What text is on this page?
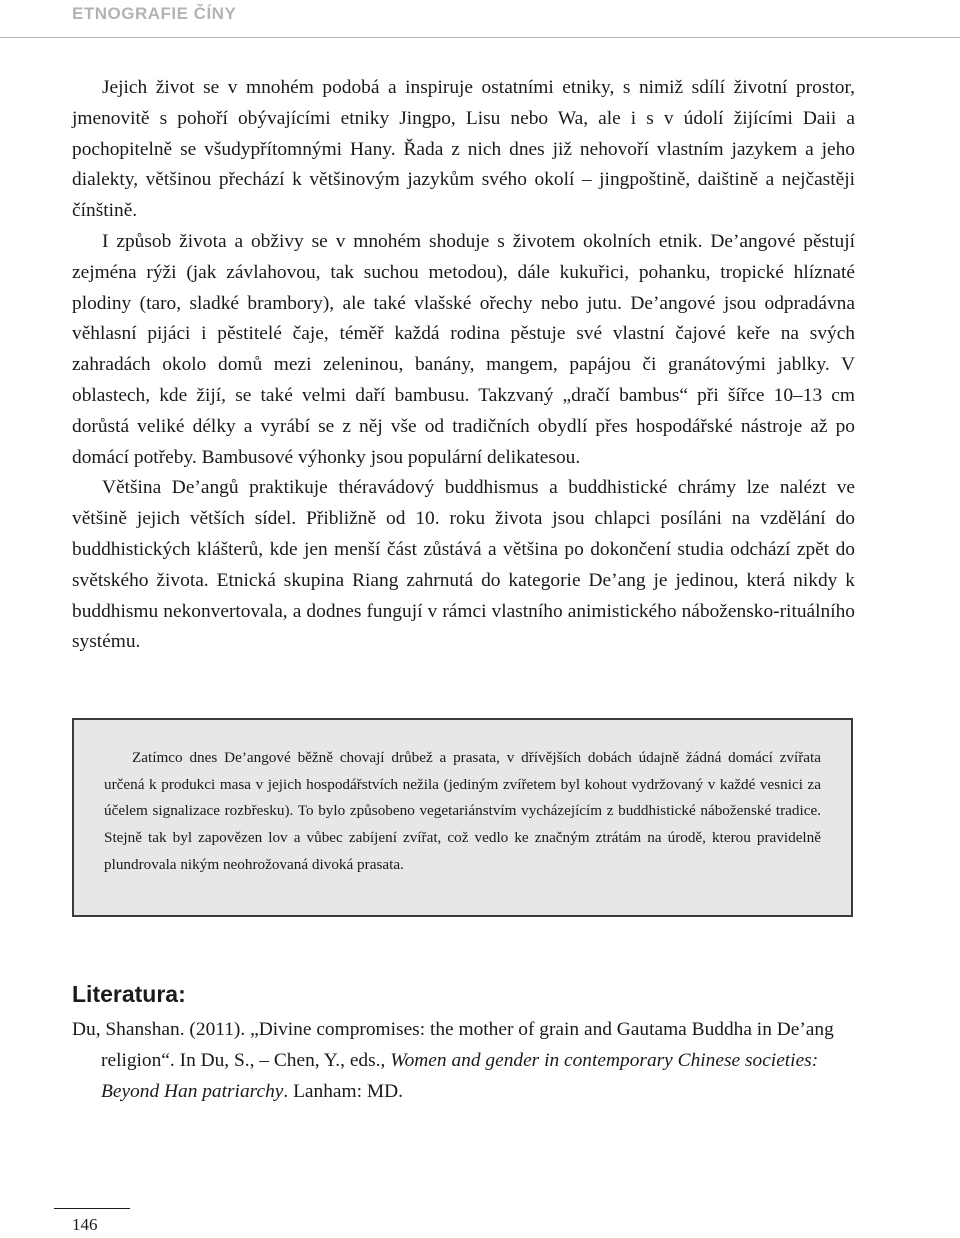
ETNOGRAFIE ČÍNY

Jejich život se v mnohém podobá a inspiruje ostatními etniky, s nimiž sdílí životní prostor, jmenovitě s pohoří obývajícími etniky Jingpo, Lisu nebo Wa, ale i s v údolí žijícími Daii a pochopitelně se všudypřítomnými Hany. Řada z nich dnes již nehovoří vlastním jazykem a jeho dialekty, většinou přechází k většinovým jazykům svého okolí – jingpoštině, daištině a nejčastěji čínštině.

I způsob života a obživy se v mnohém shoduje s životem okolních etnik. De’angové pěstují zejména rýži (jak závlahovou, tak suchou metodou), dále kukuřici, pohanku, tropické hlíznaté plodiny (taro, sladké brambory), ale také vlašské ořechy nebo jutu. De’angové jsou odpradávna věhlasní pijáci i pěstitelé čaje, téměř každá rodina pěstuje své vlastní čajové keře na svých zahradách okolo domů mezi zeleninou, banány, mangem, papájou či granátovými jablky. V oblastech, kde žijí, se také velmi daří bambusu. Takzvaný „dračí bambus“ při šířce 10–13 cm dorůstá veliké délky a vyrábí se z něj vše od tradičních obydlí přes hospodářské nástroje až po domácí potřeby. Bambusové výhonky jsou populární delikatesou.

Většina De’angů praktikuje théravádový buddhismus a buddhistické chrámy lze nalézt ve většině jejich větších sídel. Přibližně od 10. roku života jsou chlapci posíláni na vzdělání do buddhistických klášterů, kde jen menší část zůstává a většina po dokončení studia odchází zpět do světského života. Etnická skupina Riang zahrnutá do kategorie De’ang je jedinou, která nikdy k buddhismu nekonvertovala, a dodnes fungují v rámci vlastního animistického nábožensko-rituálního systému.

Zatímco dnes De’angové běžně chovají drůbež a prasata, v dřívějších dobách údajně žádná domácí zvířata určená k produkci masa v jejich hospodářstvích nežila (jediným zvířetem byl kohout vydržovaný v každé vesnici za účelem signalizace rozbřesku). To bylo způsobeno vegetariánstvím vycházejícím z buddhistické náboženské tradice. Stejně tak byl zapovězen lov a vůbec zabíjení zvířat, což vedlo ke značným ztrátám na úrodě, kterou pravidelně plundrovala nikým neohrožovaná divoká prasata.

Literatura:
Du, Shanshan. (2011). „Divine compromises: the mother of grain and Gautama Buddha in De’ang religion“. In Du, S., – Chen, Y., eds., Women and gender in contemporary Chinese societies: Beyond Han patriarchy. Lanham: MD.
146
